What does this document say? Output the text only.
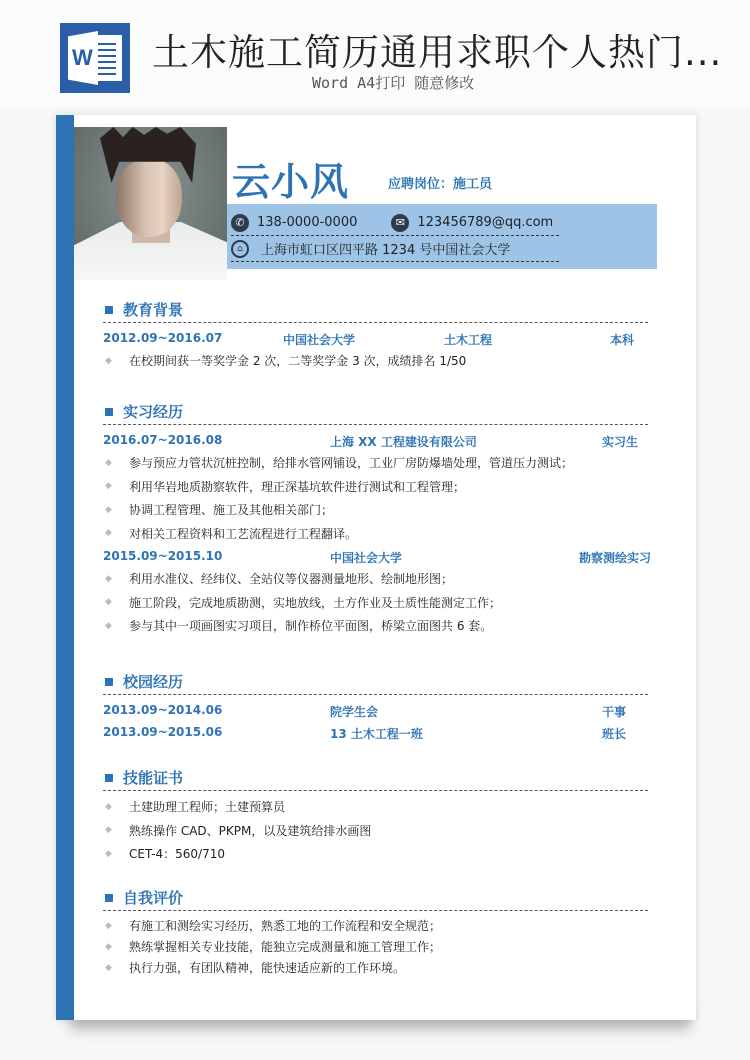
W 土木施工简历通用求职个人热门...
Word A4打印 随意修改
云小风	应聘岗位：施工员
✆ 138-0000-0000	✉ 123456789@qq.com
⌂	上海市虹口区四平路 1234 号中国社会大学
教育背景
2012.09~2016.07	中国社会大学	土木工程	本科
◆ 在校期间获一等奖学金 2 次，二等奖学金 3 次，成绩排名 1/50
实习经历
2016.07~2016.08	上海 XX 工程建设有限公司	实习生
◆ 参与预应力管状沉桩控制，给排水管网铺设，工业厂房防爆墙处理，管道压力测试；
◆ 利用华岩地质勘察软件，理正深基坑软件进行测试和工程管理；
◆ 协调工程管理、施工及其他相关部门；
◆ 对相关工程资料和工艺流程进行工程翻译。
2015.09~2015.10	中国社会大学	勘察测绘实习
◆ 利用水准仪、经纬仪、全站仪等仪器测量地形、绘制地形图；
◆ 施工阶段，完成地质勘测，实地放线，土方作业及土质性能测定工作；
◆ 参与其中一项画图实习项目，制作桥位平面图，桥梁立面图共 6 套。
校园经历
2013.09~2014.06	院学生会	干事
2013.09~2015.06	13 土木工程一班	班长
技能证书
◆ 土建助理工程师；土建预算员
◆ 熟练操作 CAD、PKPM，以及建筑给排水画图
◆ CET-4：560/710
自我评价
◆ 有施工和测绘实习经历，熟悉工地的工作流程和安全规范；
◆ 熟练掌握相关专业技能，能独立完成测量和施工管理工作；
◆ 执行力强，有团队精神，能快速适应新的工作环境。
